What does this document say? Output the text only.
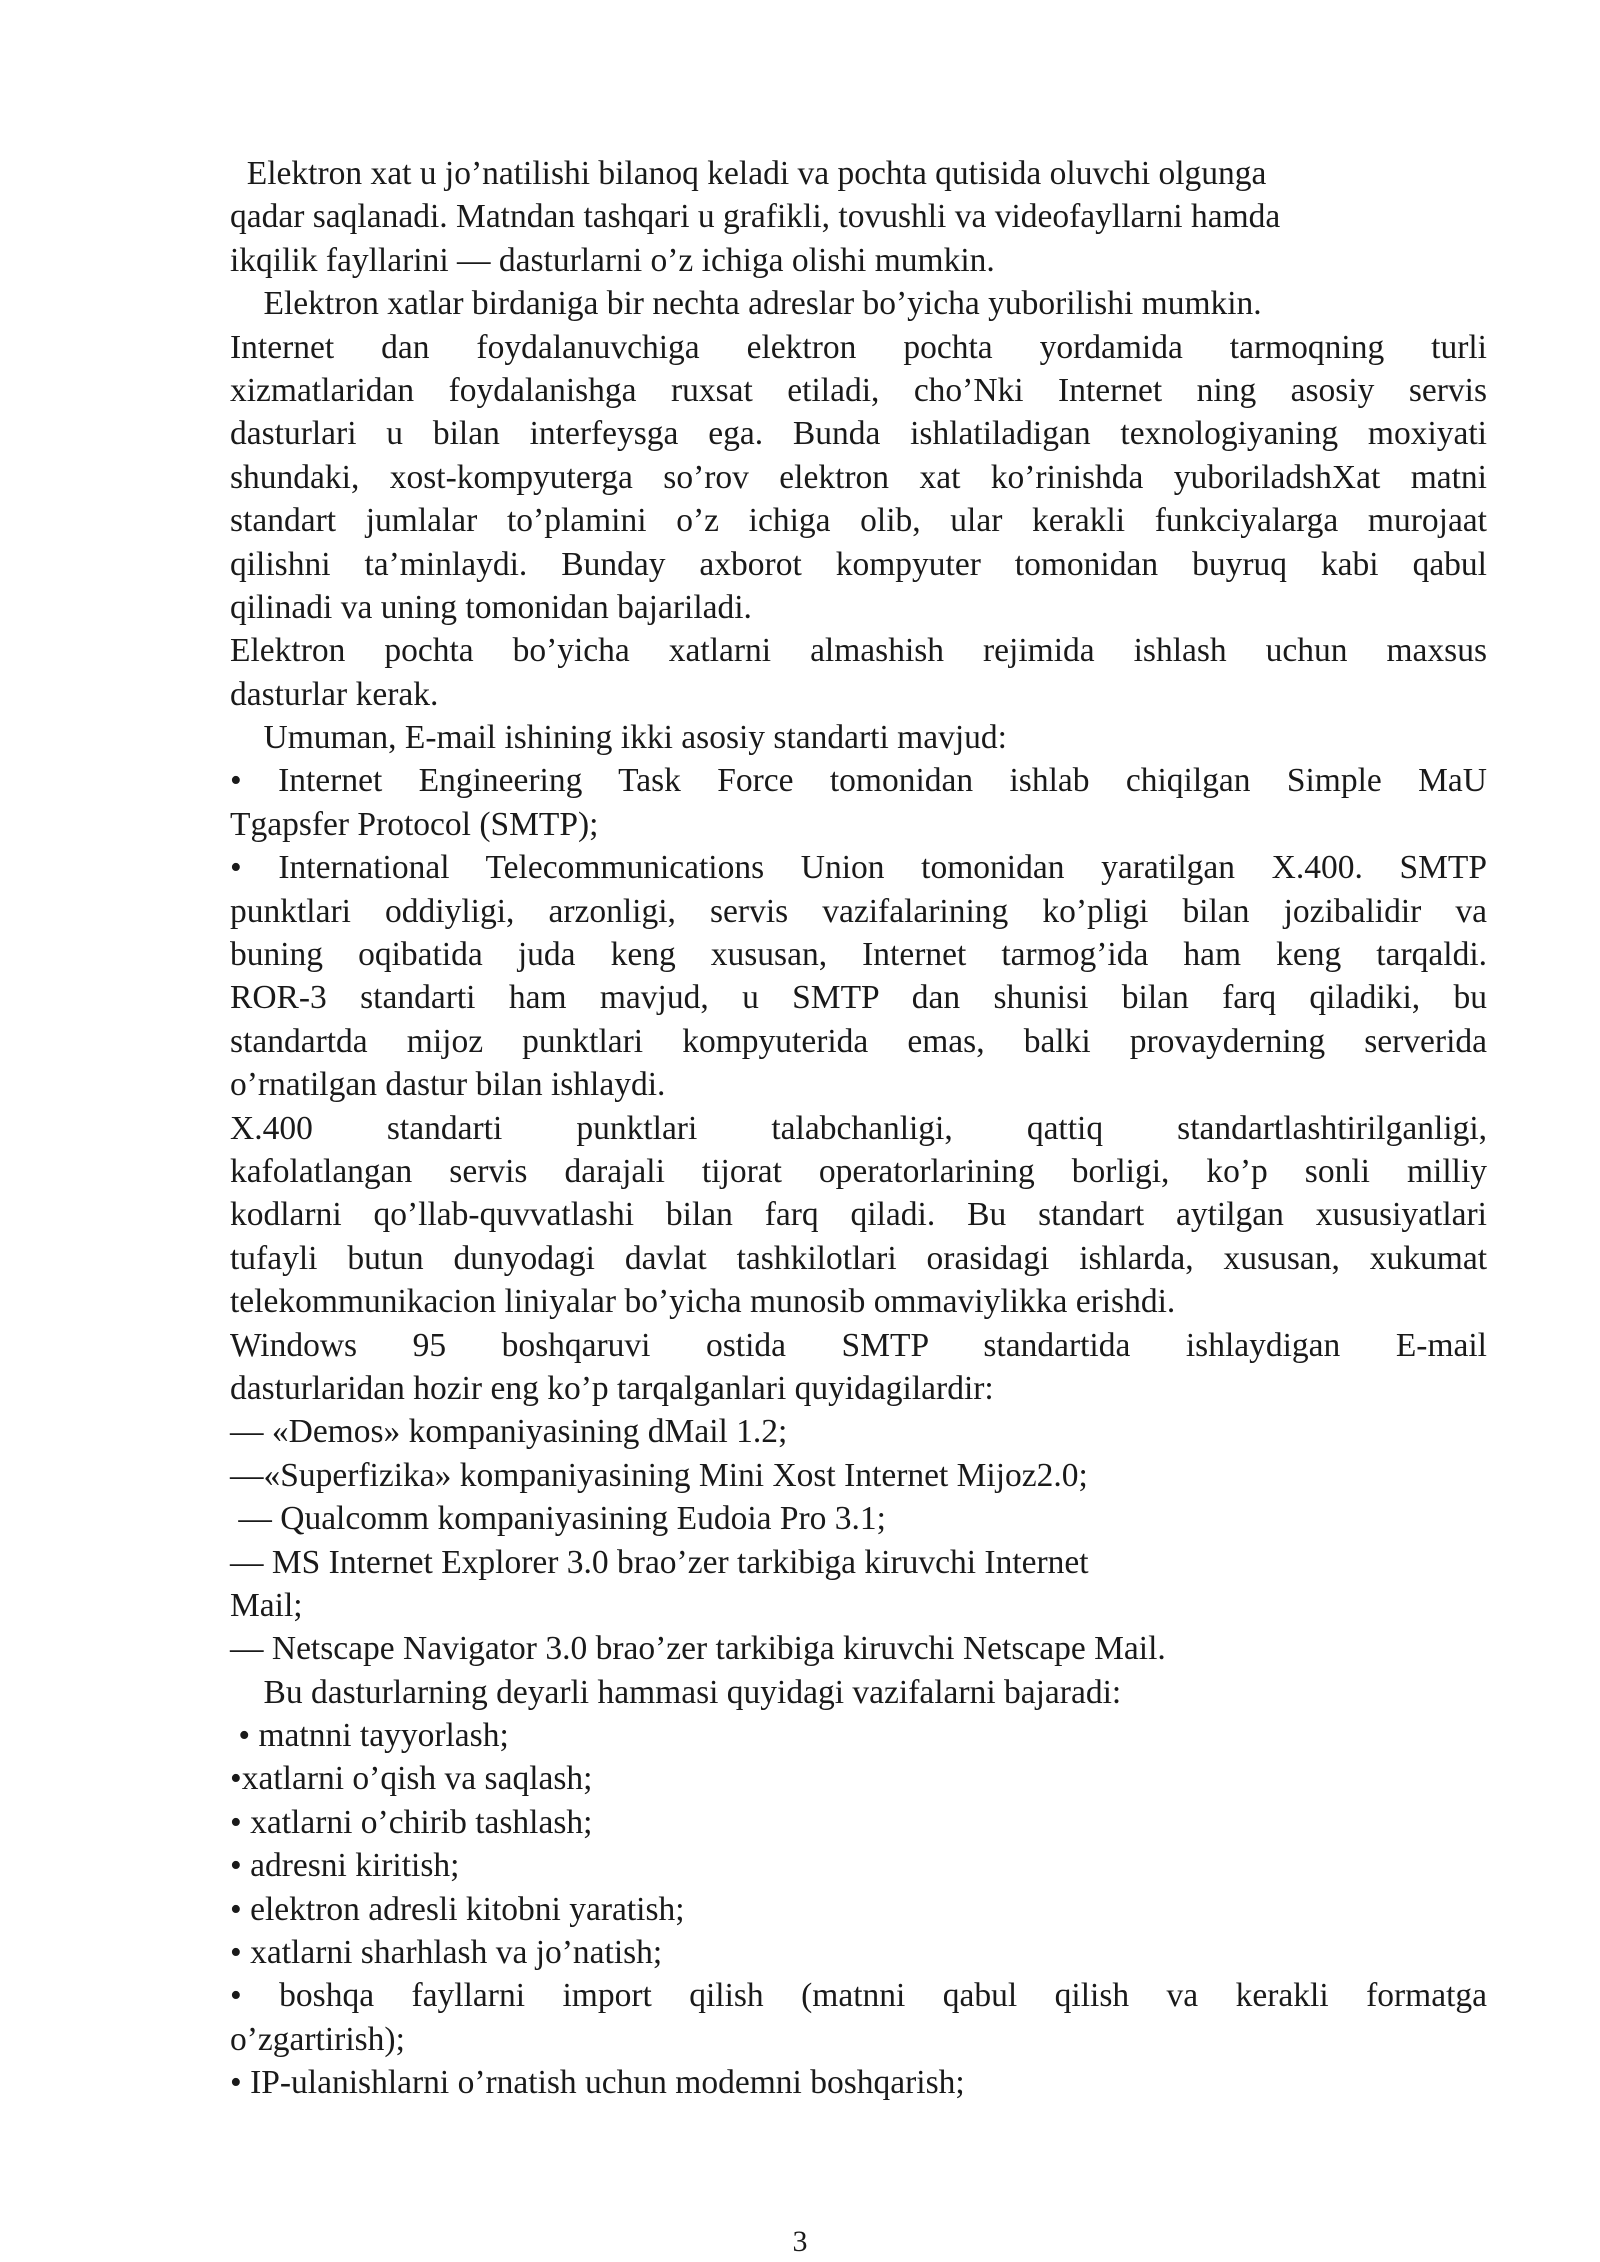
Elektron xat u jo’natilishi bilanoq keladi va pochta qutisida oluvchi olgunga
qadar saqlanadi. Matndan tashqari u grafikli, tovushli va videofayllarni hamda
ikqilik fayllarini — dasturlarni o’z ichiga olishi mumkin.
Elektron xatlar birdaniga bir nechta adreslar bo’yicha yuborilishi mumkin.
Internet dan foydalanuvchiga elektron pochta yordamida tarmoqning turli
xizmatlaridan foydalanishga ruxsat etiladi, cho’Nki Internet ning asosiy servis
dasturlari u bilan interfeysga ega. Bunda ishlatiladigan texnologiyaning moxiyati
shundaki, xost-kompyuterga so’rov elektron xat ko’rinishda yuboriladshXat matni
standart jumlalar to’plamini o’z ichiga olib, ular kerakli funkciyalarga murojaat
qilishni ta’minlaydi. Bunday axborot kompyuter tomonidan buyruq kabi qabul
qilinadi va uning tomonidan bajariladi.
Elektron pochta bo’yicha xatlarni almashish rejimida ishlash uchun maxsus
dasturlar kerak.
Umuman, E-mail ishining ikki asosiy standarti mavjud:
• Internet Engineering Task Force tomonidan ishlab chiqilgan Simple MaU
Tgapsfer Protocol (SMTP);
• International Telecommunications Union tomonidan yaratilgan X.400. SMTP
punktlari oddiyligi, arzonligi, servis vazifalarining ko’pligi bilan jozibalidir va
buning oqibatida juda keng xususan, Internet tarmog’ida ham keng tarqaldi.
ROR-3 standarti ham mavjud, u SMTP dan shunisi bilan farq qiladiki, bu
standartda mijoz punktlari kompyuterida emas, balki provayderning serverida
o’rnatilgan dastur bilan ishlaydi.
X.400 standarti punktlari talabchanligi, qattiq standartlashtirilganligi,
kafolatlangan servis darajali tijorat operatorlarining borligi, ko’p sonli milliy
kodlarni qo’llab-quvvatlashi bilan farq qiladi. Bu standart aytilgan xususiyatlari
tufayli butun dunyodagi davlat tashkilotlari orasidagi ishlarda, xususan, xukumat
telekommunikacion liniyalar bo’yicha munosib ommaviylikka erishdi.
Windows 95 boshqaruvi ostida SMTP standartida ishlaydigan E-mail
dasturlaridan hozir eng ko’p tarqalganlari quyidagilardir:
— «Demos» kompaniyasining dMail 1.2;
—«Superfizika» kompaniyasining Mini Xost Internet Mijoz2.0;
— Qualcomm kompaniyasining Eudoia Pro 3.1;
— MS Internet Explorer 3.0 brao’zer tarkibiga kiruvchi Internet
Mail;
— Netscape Navigator 3.0 brao’zer tarkibiga kiruvchi Netscape Mail.
Bu dasturlarning deyarli hammasi quyidagi vazifalarni bajaradi:
• matnni tayyorlash;
•xatlarni o’qish va saqlash;
• xatlarni o’chirib tashlash;
• adresni kiritish;
• elektron adresli kitobni yaratish;
• xatlarni sharhlash va jo’natish;
• boshqa fayllarni import qilish (matnni qabul qilish va kerakli formatga
o’zgartirish);
• IP-ulanishlarni o’rnatish uchun modemni boshqarish;
3
